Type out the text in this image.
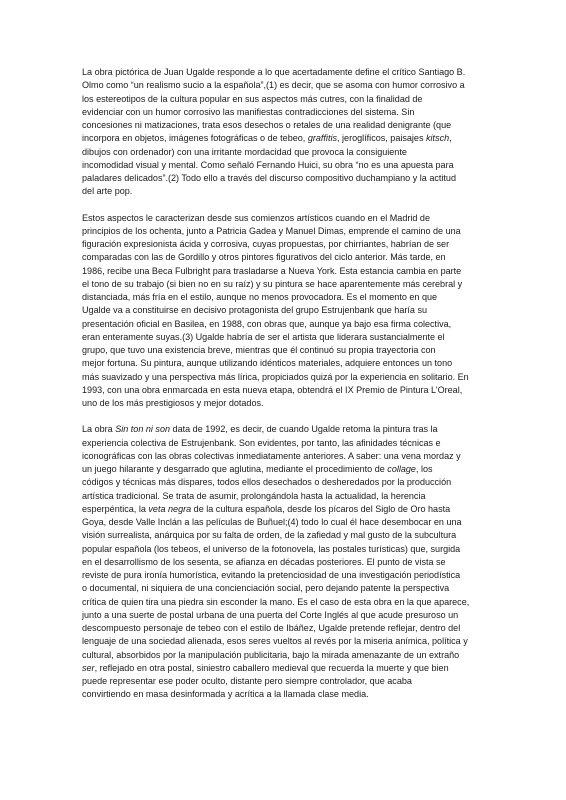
La obra pictórica de Juan Ugalde responde a lo que acertadamente define el crítico Santiago B.
Olmo como “un realismo sucio a la española”,(1) es decir, que se asoma con humor corrosivo a
los estereotipos de la cultura popular en sus aspectos más cutres, con la finalidad de
evidenciar con un humor corrosivo las manifiestas contradicciones del sistema. Sin
concesiones ni matizaciones, trata esos desechos o retales de una realidad denigrante (que
incorpora en objetos, imágenes fotográficas o de tebeo, graffitis, jeroglíficos, paisajes kitsch,
dibujos con ordenador) con una irritante mordacidad que provoca la consiguiente
incomodidad visual y mental. Como señaló Fernando Huici, su obra “no es una apuesta para
paladares delicados”.(2) Todo ello a través del discurso compositivo duchampiano y la actitud
del arte pop.

Estos aspectos le caracterizan desde sus comienzos artísticos cuando en el Madrid de
principios de los ochenta, junto a Patricia Gadea y Manuel Dimas, emprende el camino de una
figuración expresionista ácida y corrosiva, cuyas propuestas, por chirriantes, habrían de ser
comparadas con las de Gordillo y otros pintores figurativos del ciclo anterior. Más tarde, en
1986, recibe una Beca Fulbright para trasladarse a Nueva York. Esta estancia cambia en parte
el tono de su trabajo (si bien no en su raíz) y su pintura se hace aparentemente más cerebral y
distanciada, más fría en el estilo, aunque no menos provocadora. Es el momento en que
Ugalde va a constituirse en decisivo protagonista del grupo Estrujenbank que haría su
presentación oficial en Basilea, en 1988, con obras que, aunque ya bajo esa firma colectiva,
eran enteramente suyas.(3) Ugalde habría de ser el artista que liderara sustancialmente el
grupo, que tuvo una existencia breve, mientras que él continuó su propia trayectoria con
mejor fortuna. Su pintura, aunque utilizando idénticos materiales, adquiere entonces un tono
más suavizado y una perspectiva más lírica, propiciados quizá por la experiencia en solitario. En
1993, con una obra enmarcada en esta nueva etapa, obtendrá el IX Premio de Pintura L’Oreal,
uno de los más prestigiosos y mejor dotados.

La obra Sin ton ni son data de 1992, es decir, de cuando Ugalde retoma la pintura tras la
experiencia colectiva de Estrujenbank. Son evidentes, por tanto, las afinidades técnicas e
iconográficas con las obras colectivas inmediatamente anteriores. A saber: una vena mordaz y
un juego hilarante y desgarrado que aglutina, mediante el procedimiento de collage, los
códigos y técnicas más dispares, todos ellos desechados o desheredados por la producción
artística tradicional. Se trata de asumir, prolongándola hasta la actualidad, la herencia
esperpéntica, la veta negra de la cultura española, desde los pícaros del Siglo de Oro hasta
Goya, desde Valle Inclán a las películas de Buñuel;(4) todo lo cual él hace desembocar en una
visión surrealista, anárquica por su falta de orden, de la zafiedad y mal gusto de la subcultura
popular española (los tebeos, el universo de la fotonovela, las postales turísticas) que, surgida
en el desarrollismo de los sesenta, se afianza en décadas posteriores. El punto de vista se
reviste de pura ironía humorística, evitando la pretenciosidad de una investigación periodística
o documental, ni siquiera de una concienciación social, pero dejando patente la perspectiva
crítica de quien tira una piedra sin esconder la mano. Es el caso de esta obra en la que aparece,
junto a una suerte de postal urbana de una puerta del Corte Inglés al que acude presuroso un
descompuesto personaje de tebeo con el estilo de Ibáñez, Ugalde pretende reflejar, dentro del
lenguaje de una sociedad alienada, esos seres vueltos al revés por la miseria anímica, política y
cultural, absorbidos por la manipulación publicitaria, bajo la mirada amenazante de un extraño
ser, reflejado en otra postal, siniestro caballero medieval que recuerda la muerte y que bien
puede representar ese poder oculto, distante pero siempre controlador, que acaba
convirtiendo en masa desinformada y acrítica a la llamada clase media.
